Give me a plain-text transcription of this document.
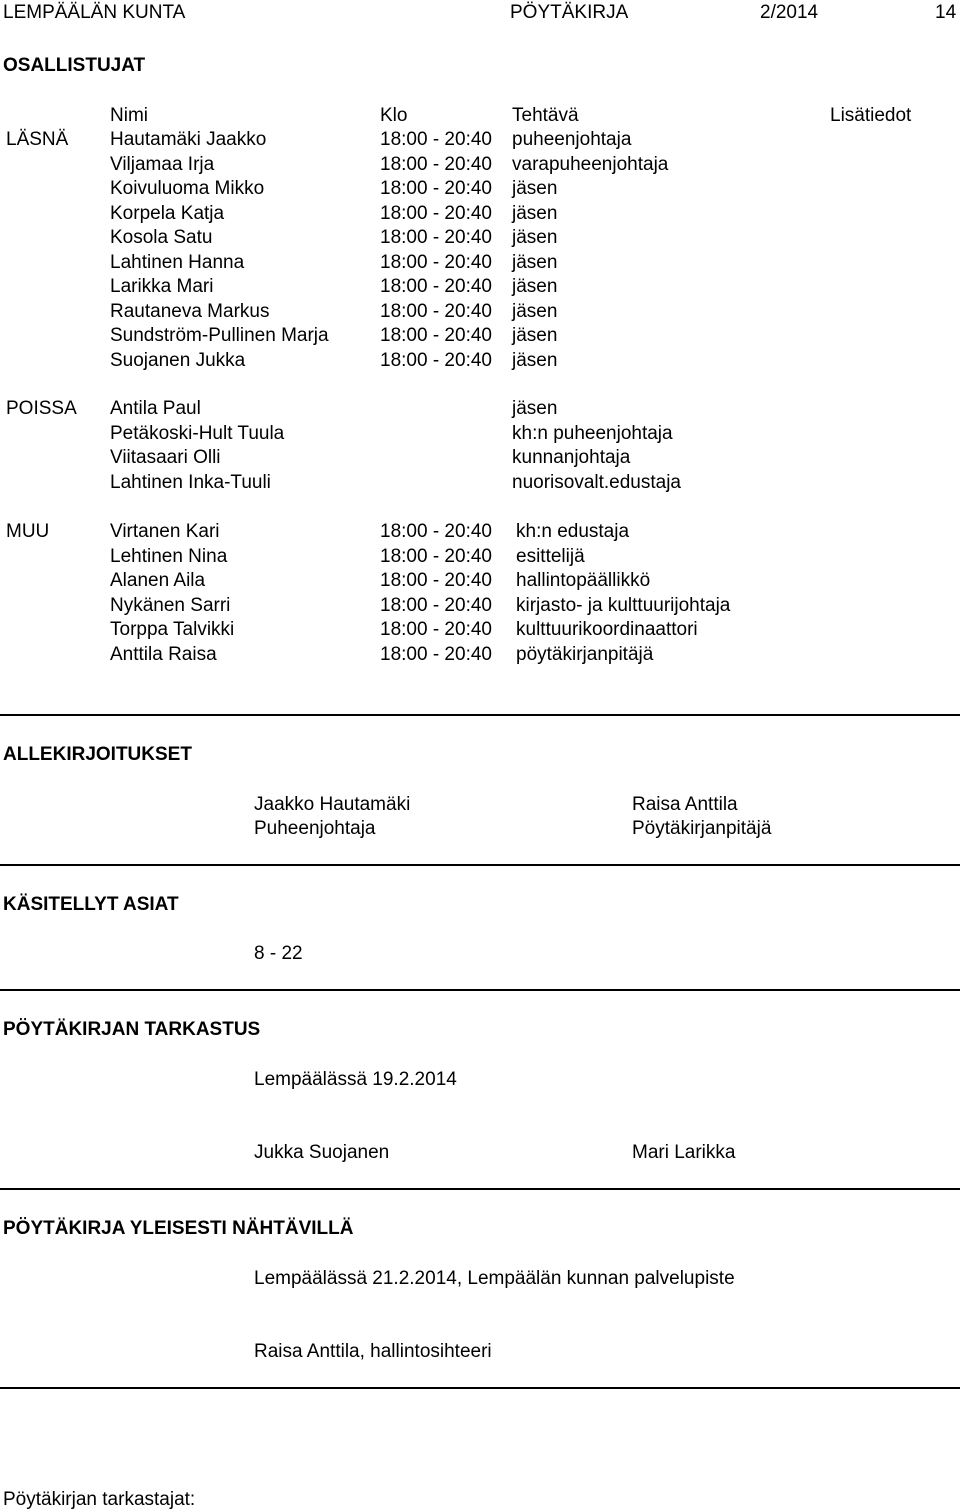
LEMPÄÄLÄN KUNTA	PÖYTÄKIRJA	2/2014	14
OSALLISTUJAT
Nimi	Klo	Tehtävä	Lisätiedot
LÄSNÄ Hautamäki Jaakko	18:00 - 20:40 puheenjohtaja
Viljamaa Irja	18:00 - 20:40 varapuheenjohtaja
Koivuluoma Mikko	18:00 - 20:40 jäsen
Korpela Katja	18:00 - 20:40 jäsen
Kosola Satu	18:00 - 20:40 jäsen
Lahtinen Hanna	18:00 - 20:40 jäsen
Larikka Mari	18:00 - 20:40 jäsen
Rautaneva Markus	18:00 - 20:40 jäsen
Sundström-Pullinen Marja	18:00 - 20:40 jäsen
Suojanen Jukka	18:00 - 20:40 jäsen
POISSA Antila Paul	jäsen
Petäkoski-Hult Tuula	kh:n puheenjohtaja
Viitasaari Olli	kunnanjohtaja
Lahtinen Inka-Tuuli	nuorisovalt.edustaja
MUU	Virtanen Kari	18:00 - 20:40 kh:n edustaja
Lehtinen Nina	18:00 - 20:40 esittelijä
Alanen Aila	18:00 - 20:40 hallintopäällikkö
Nykänen Sarri	18:00 - 20:40 kirjasto- ja kulttuurijohtaja
Torppa Talvikki	18:00 - 20:40 kulttuurikoordinaattori
Anttila Raisa	18:00 - 20:40 pöytäkirjanpitäjä
ALLEKIRJOITUKSET
Jaakko Hautamäki
Puheenjohtaja
Raisa Anttila
Pöytäkirjanpitäjä
KÄSITELLYT ASIAT
8 - 22
PÖYTÄKIRJAN TARKASTUS
Lempäälässä 19.2.2014
Jukka Suojanen	Mari Larikka
PÖYTÄKIRJA YLEISESTI NÄHTÄVILLÄ
Lempäälässä 21.2.2014, Lempäälän kunnan palvelupiste
Raisa Anttila, hallintosihteeri
Pöytäkirjan tarkastajat:
